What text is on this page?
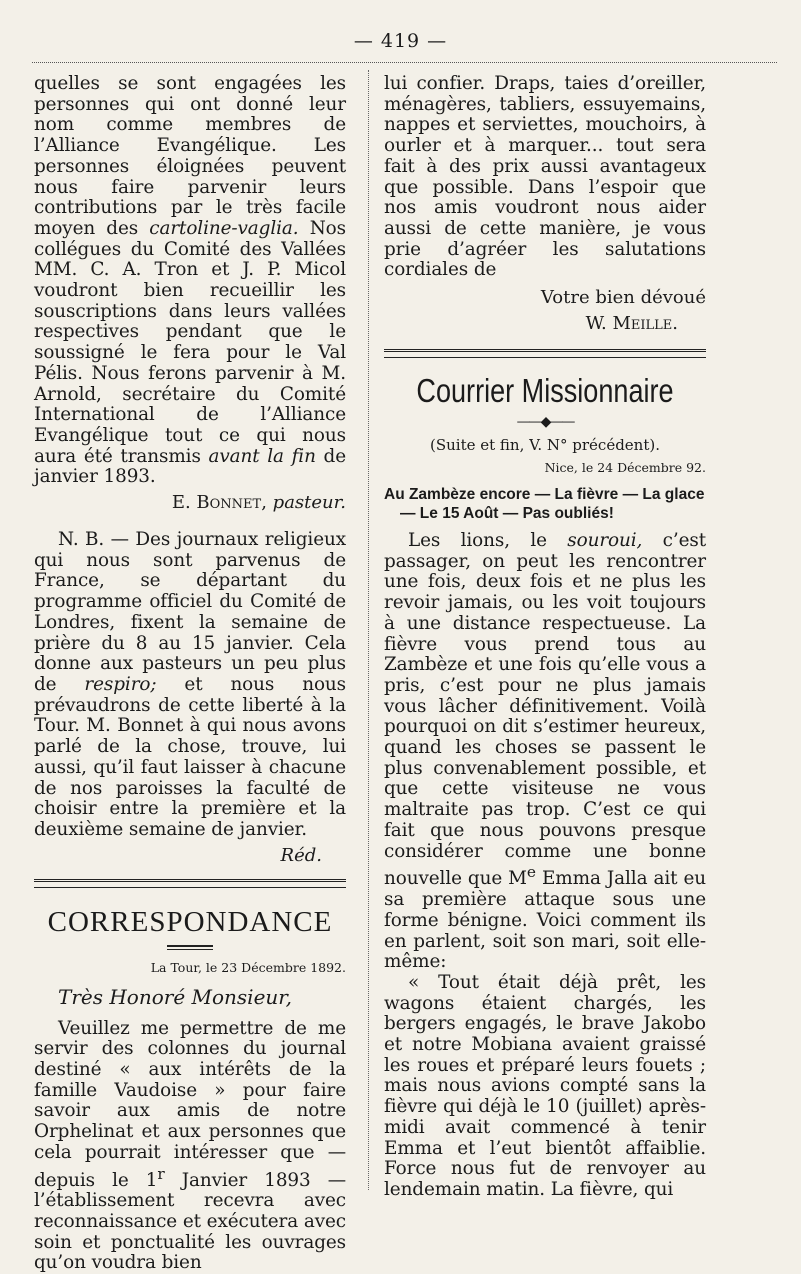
— 419 —

quelles se sont engagées les personnes qui ont donné leur nom comme membres de l’Alliance Evangélique. Les personnes éloignées peuvent nous faire parvenir leurs contributions par le très facile moyen des cartoline-vaglia. Nos collégues du Comité des Vallées MM. C. A. Tron et J. P. Micol voudront bien recueillir les souscriptions dans leurs vallées respectives pendant que le soussigné le fera pour le Val Pélis. Nous ferons parvenir à M. Arnold, secrétaire du Comité International de l’Alliance Evangélique tout ce qui nous aura été transmis avant la fin de janvier 1893.

E. Bonnet, pasteur.

N. B. — Des journaux religieux qui nous sont parvenus de France, se départant du programme officiel du Comité de Londres, fixent la semaine de prière du 8 au 15 janvier. Cela donne aux pasteurs un peu plus de respiro; et nous nous prévaudrons de cette liberté à la Tour. M. Bonnet à qui nous avons parlé de la chose, trouve, lui aussi, qu’il faut laisser à chacune de nos paroisses la faculté de choisir entre la première et la deuxième semaine de janvier.

Réd.
CORRESPONDANCE
La Tour, le 23 Décembre 1892.
Très Honoré Monsieur,

Veuillez me permettre de me servir des colonnes du journal destiné « aux intérêts de la famille Vaudoise » pour faire savoir aux amis de notre Orphelinat et aux personnes que cela pourrait intéresser que — depuis le 1$^r$ Janvier 1893 — l’établissement recevra avec reconnaissance et exécutera avec soin et ponctualité les ouvrages qu’on voudra bien

lui confier. Draps, taies d’oreiller, ménagères, tabliers, essuyemains, nappes et serviettes, mouchoirs, à ourler et à marquer... tout sera fait à des prix aussi avantageux que possible. Dans l’espoir que nos amis voudront nous aider aussi de cette manière, je vous prie d’agréer les salutations cordiales de

Votre bien dévoué
W. Meille.
Courrier Missionnaire
——◆——
(Suite et fin, V. N° précédent).
Nice, le 24 Décembre 92.
Au Zambèze encore — La fièvre — La glace — Le 15 Août — Pas oubliés!

Les lions, le souroui, c’est passager, on peut les rencontrer une fois, deux fois et ne plus les revoir jamais, ou les voit toujours à une distance respectueuse. La fièvre vous prend tous au Zambèze et une fois qu’elle vous a pris, c’est pour ne plus jamais vous lâcher définitivement. Voilà pourquoi on dit s’estimer heureux, quand les choses se passent le plus convenablement possible, et que cette visiteuse ne vous maltraite pas trop. C’est ce qui fait que nous pouvons presque considérer comme une bonne nouvelle que Me Emma Jalla ait eu sa première attaque sous une forme bénigne. Voici comment ils en parlent, soit son mari, soit elle-même:

« Tout était déjà prêt, les wagons étaient chargés, les bergers engagés, le brave Jakobo et notre Mobiana avaient graissé les roues et préparé leurs fouets ; mais nous avions compté sans la fièvre qui déjà le 10 (juillet) après-midi avait commencé à tenir Emma et l’eut bientôt affaiblie. Force nous fut de renvoyer au lendemain matin. La fièvre, qui
